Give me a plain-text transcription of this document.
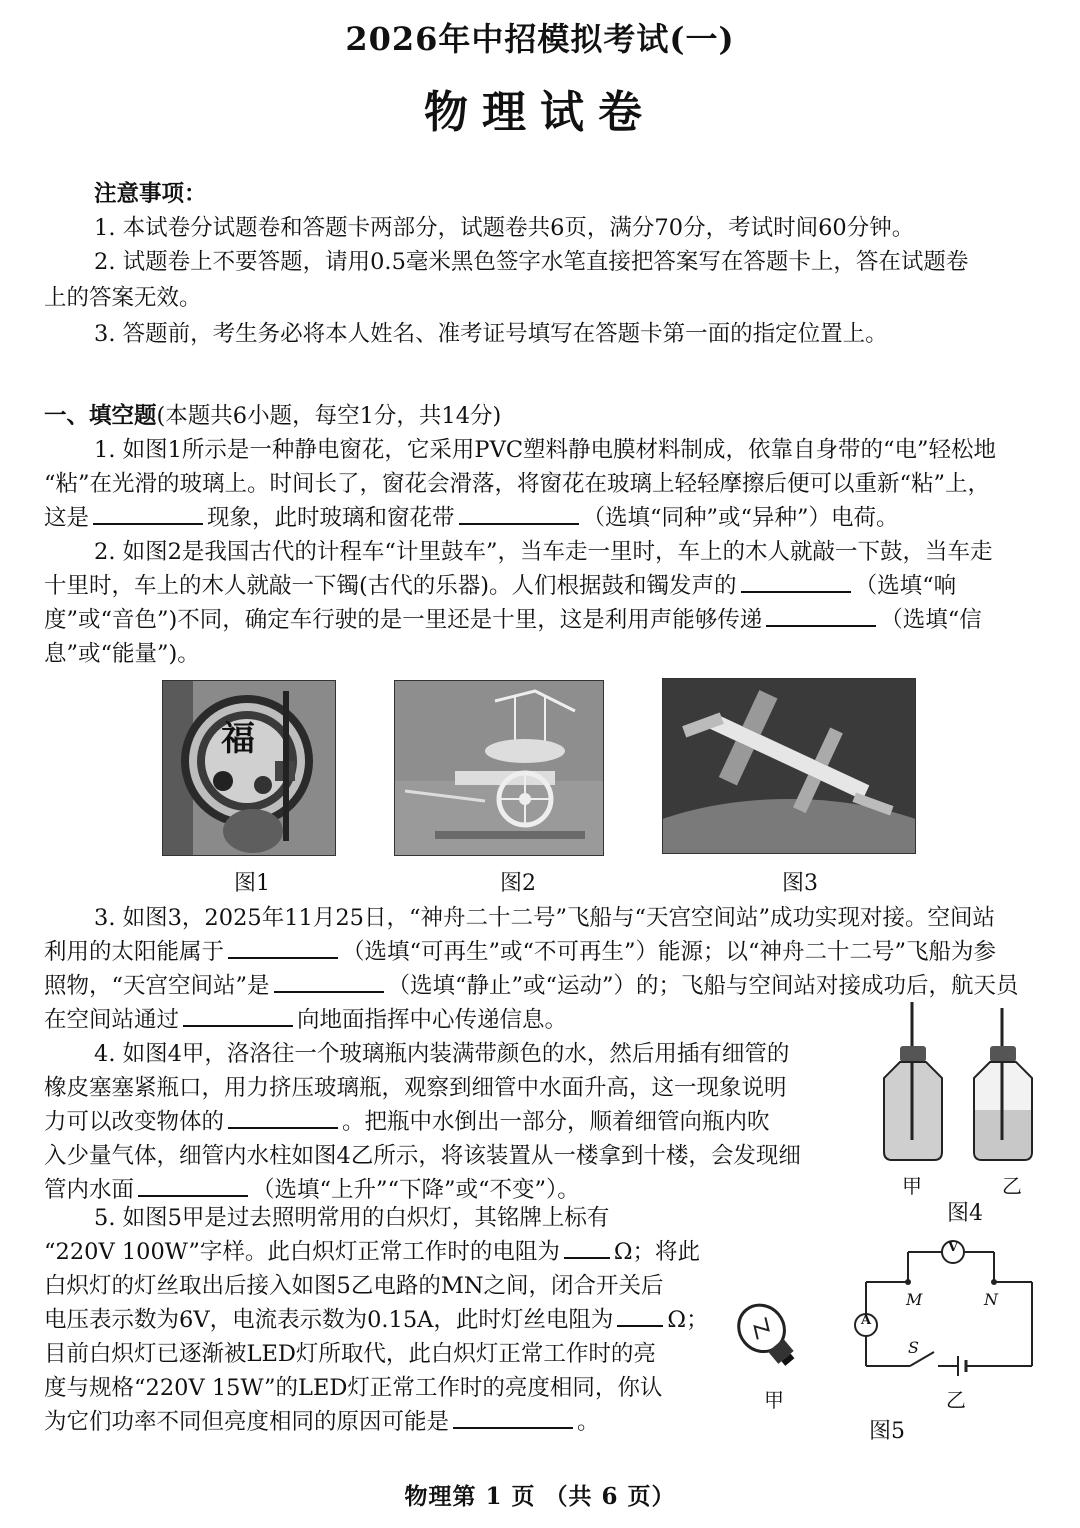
2026年中招模拟考试(一)
物理试卷
注意事项：
1. 本试卷分试题卷和答题卡两部分，试题卷共6页，满分70分，考试时间60分钟。
2. 试题卷上不要答题，请用0.5毫米黑色签字水笔直接把答案写在答题卡上，答在试题卷
上的答案无效。
3. 答题前，考生务必将本人姓名、准考证号填写在答题卡第一面的指定位置上。
一、填空题(本题共6小题，每空1分，共14分)
1. 如图1所示是一种静电窗花，它采用PVC塑料静电膜材料制成，依靠自身带的“电”轻松地
“粘”在光滑的玻璃上。时间长了，窗花会滑落，将窗花在玻璃上轻轻摩擦后便可以重新“粘”上，
这是	现象，此时玻璃和窗花带	（选填“同种”或“异种”）电荷。
2. 如图2是我国古代的计程车“计里鼓车”，当车走一里时，车上的木人就敲一下鼓，当车走
十里时，车上的木人就敲一下镯(古代的乐器)。人们根据鼓和镯发声的	（选填“响
度”或“音色”)不同，确定车行驶的是一里还是十里，这是利用声能够传递	（选填“信
息”或“能量”)。
福
图1	图2	图3
3. 如图3，2025年11月25日，“神舟二十二号”飞船与“天宫空间站”成功实现对接。空间站
利用的太阳能属于	（选填“可再生”或“不可再生”）能源；以“神舟二十二号”飞船为参
照物，“天宫空间站”是	（选填“静止”或“运动”）的；飞船与空间站对接成功后，航天员
在空间站通过	向地面指挥中心传递信息。
4. 如图4甲，洛洛往一个玻璃瓶内装满带颜色的水，然后用插有细管的
橡皮塞塞紧瓶口，用力挤压玻璃瓶，观察到细管中水面升高，这一现象说明
力可以改变物体的	。把瓶中水倒出一部分，顺着细管向瓶内吹
入少量气体，细管内水柱如图4乙所示，将该装置从一楼拿到十楼，会发现细
管内水面	（选填“上升”“下降”或“不变”）。	甲	乙
图4
5. 如图5甲是过去照明常用的白炽灯，其铭牌上标有
“220V 100W”字样。此白炽灯正常工作时的电阻为 Ω；将此
白炽灯的灯丝取出后接入如图5乙电路的MN之间，闭合开关后
电压表示数为6V，电流表示数为0.15A，此时灯丝电阻为 Ω；
目前白炽灯已逐渐被LED灯所取代，此白炽灯正常工作时的亮
度与规格“220V 15W”的LED灯正常工作时的亮度相同，你认
为它们功率不同但亮度相同的原因可能是	。
甲
V
A
M	N
S
乙
图5
物理第 1 页 （共 6 页）
